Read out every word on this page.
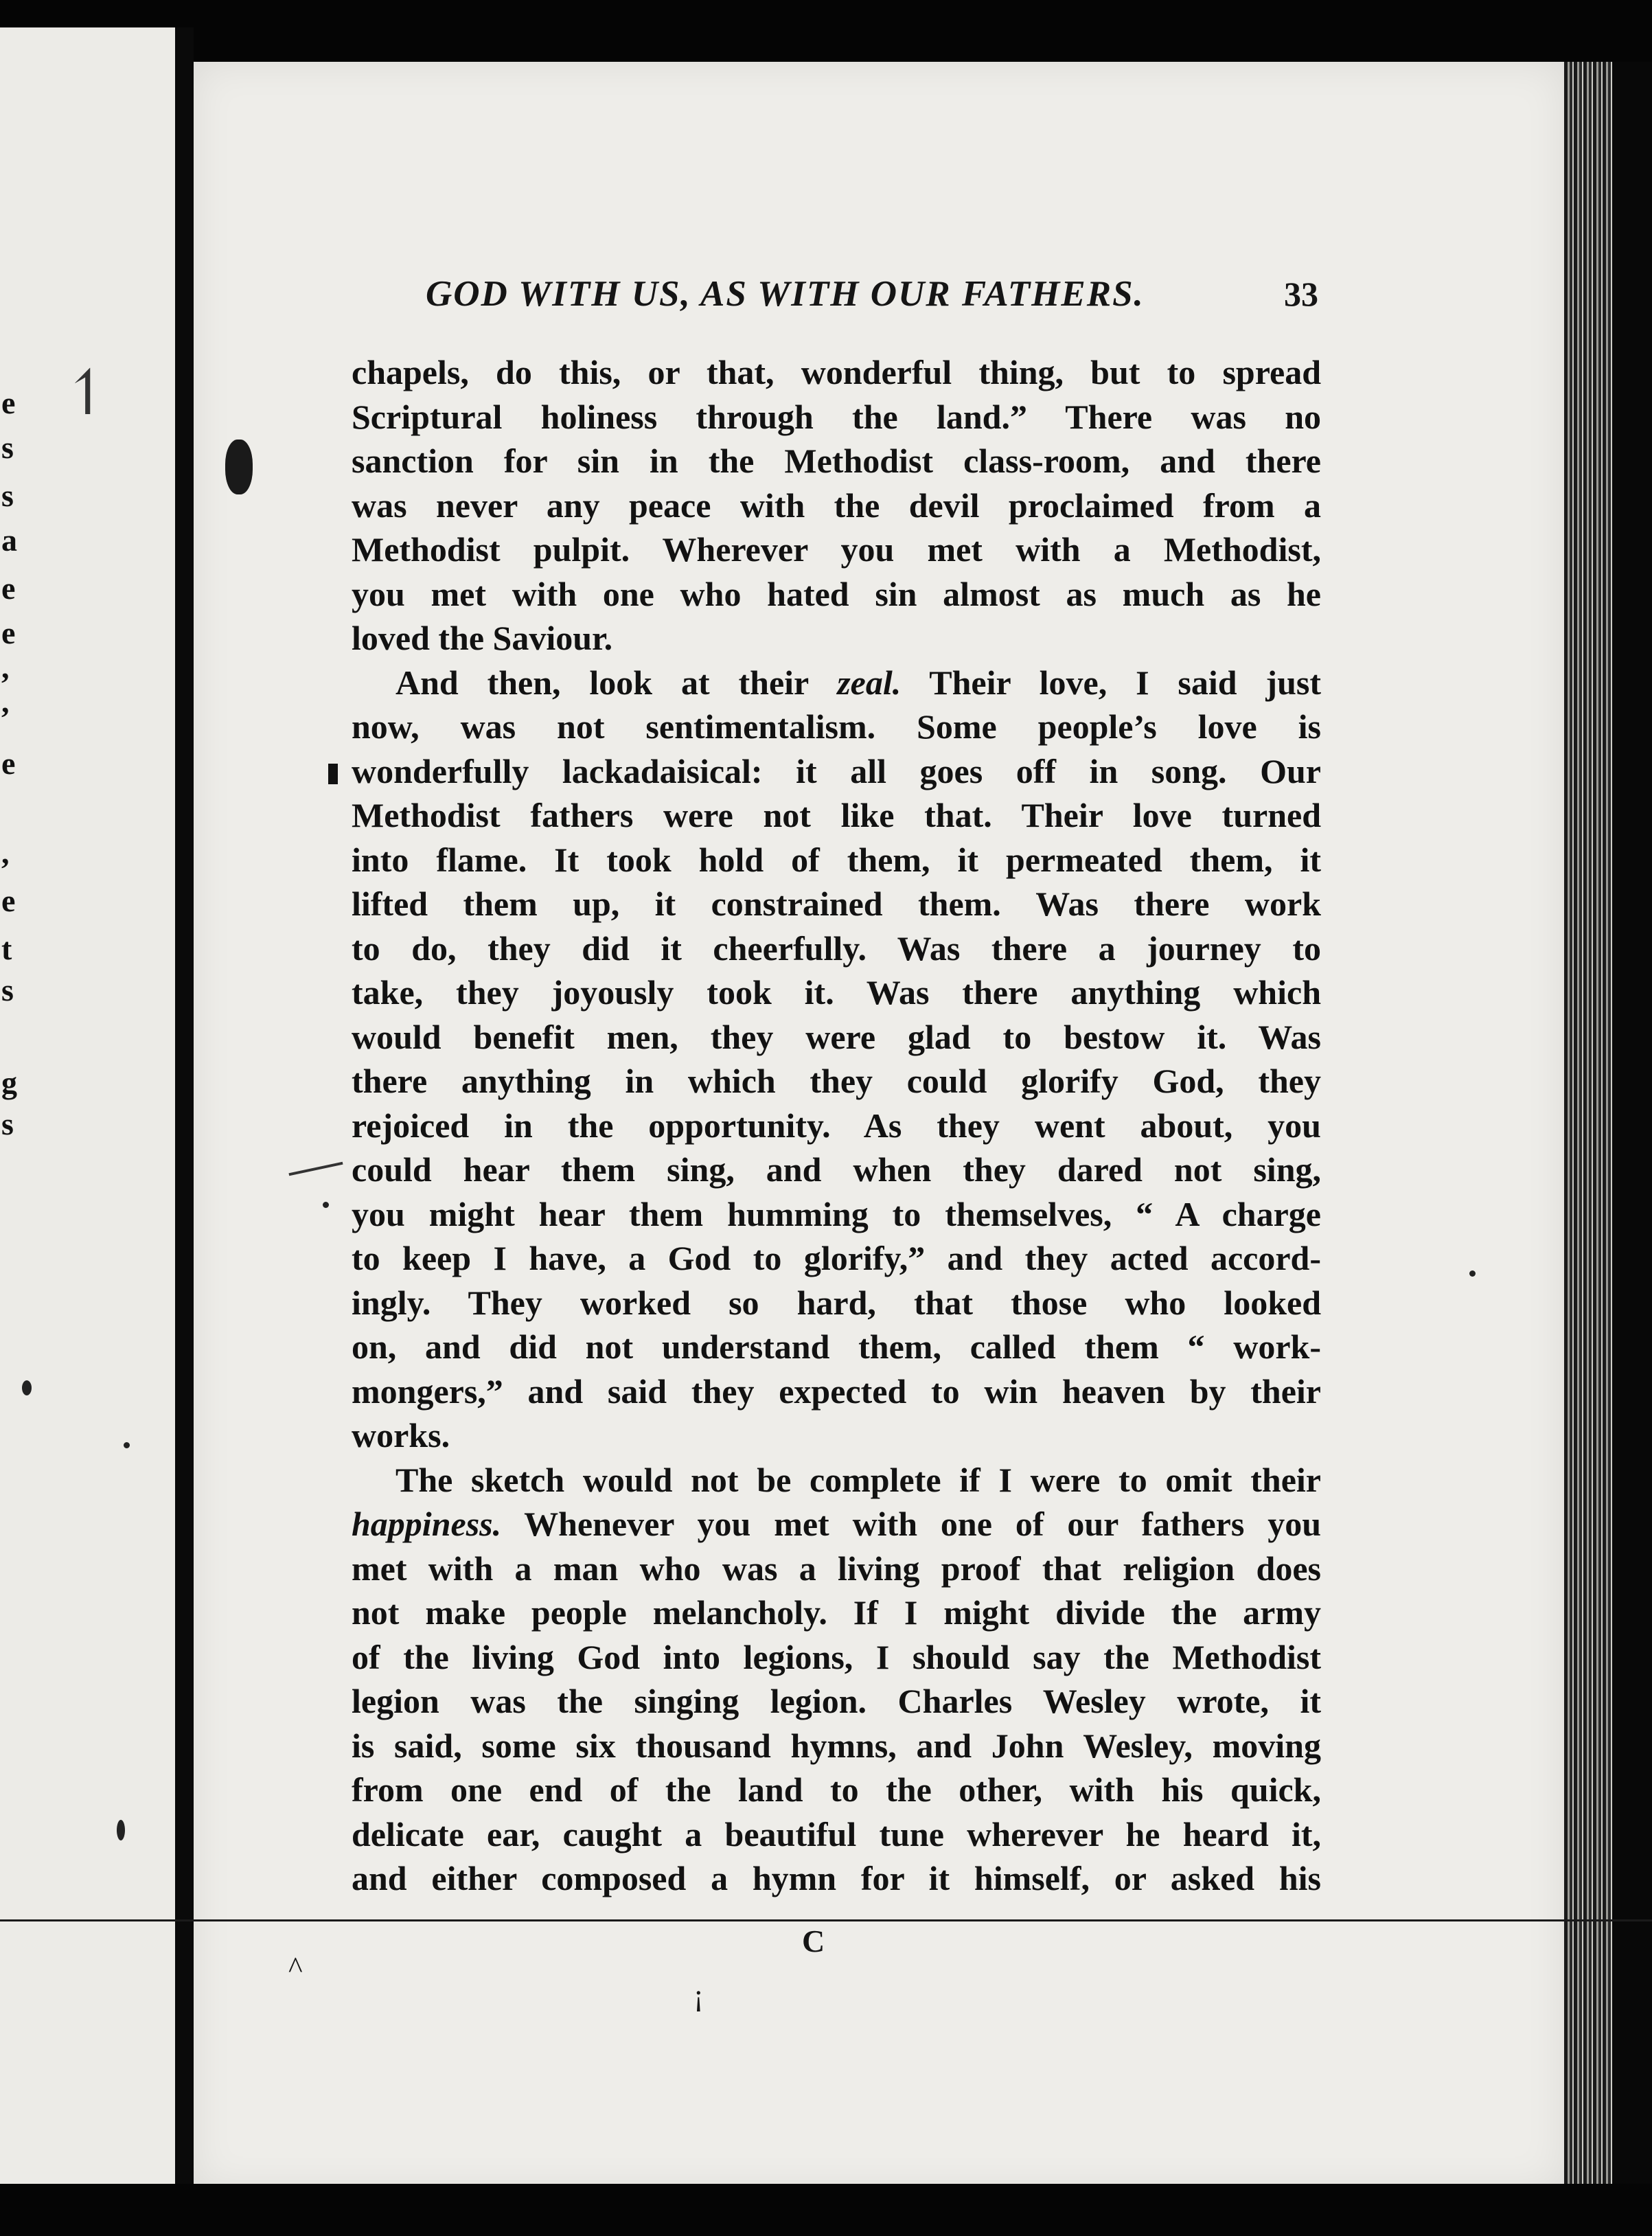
e
s
s
a
e
e
,
,
e
,
e
t
s
g
s
GOD WITH US, AS WITH OUR FATHERS.	33
chapels, do this, or that, wonderful thing, but to spread
Scriptural holiness through the land.” There was no
sanction for sin in the Methodist class-room, and there
was never any peace with the devil proclaimed from a
Methodist pulpit. Wherever you met with a Methodist,
you met with one who hated sin almost as much as he
loved the Saviour.
And then, look at their zeal. Their love, I said just
now, was not sentimentalism. Some people’s love is
wonderfully lackadaisical: it all goes off in song. Our
Methodist fathers were not like that. Their love turned
into flame. It took hold of them, it permeated them, it
lifted them up, it constrained them. Was there work
to do, they did it cheerfully. Was there a journey to
take, they joyously took it. Was there anything which
would benefit men, they were glad to bestow it. Was
there anything in which they could glorify God, they
rejoiced in the opportunity. As they went about, you
could hear them sing, and when they dared not sing,
you might hear them humming to themselves, “ A charge
to keep I have, a God to glorify,” and they acted accord-
ingly. They worked so hard, that those who looked
on, and did not understand them, called them “ work-
mongers,” and said they expected to win heaven by their
works.
The sketch would not be complete if I were to omit their
happiness. Whenever you met with one of our fathers you
met with a man who was a living proof that religion does
not make people melancholy. If I might divide the army
of the living God into legions, I should say the Methodist
legion was the singing legion. Charles Wesley wrote, it
is said, some six thousand hymns, and John Wesley, moving
from one end of the land to the other, with his quick,
delicate ear, caught a beautiful tune wherever he heard it,
and either composed a hymn for it himself, or asked his
C
↿
^
¡
